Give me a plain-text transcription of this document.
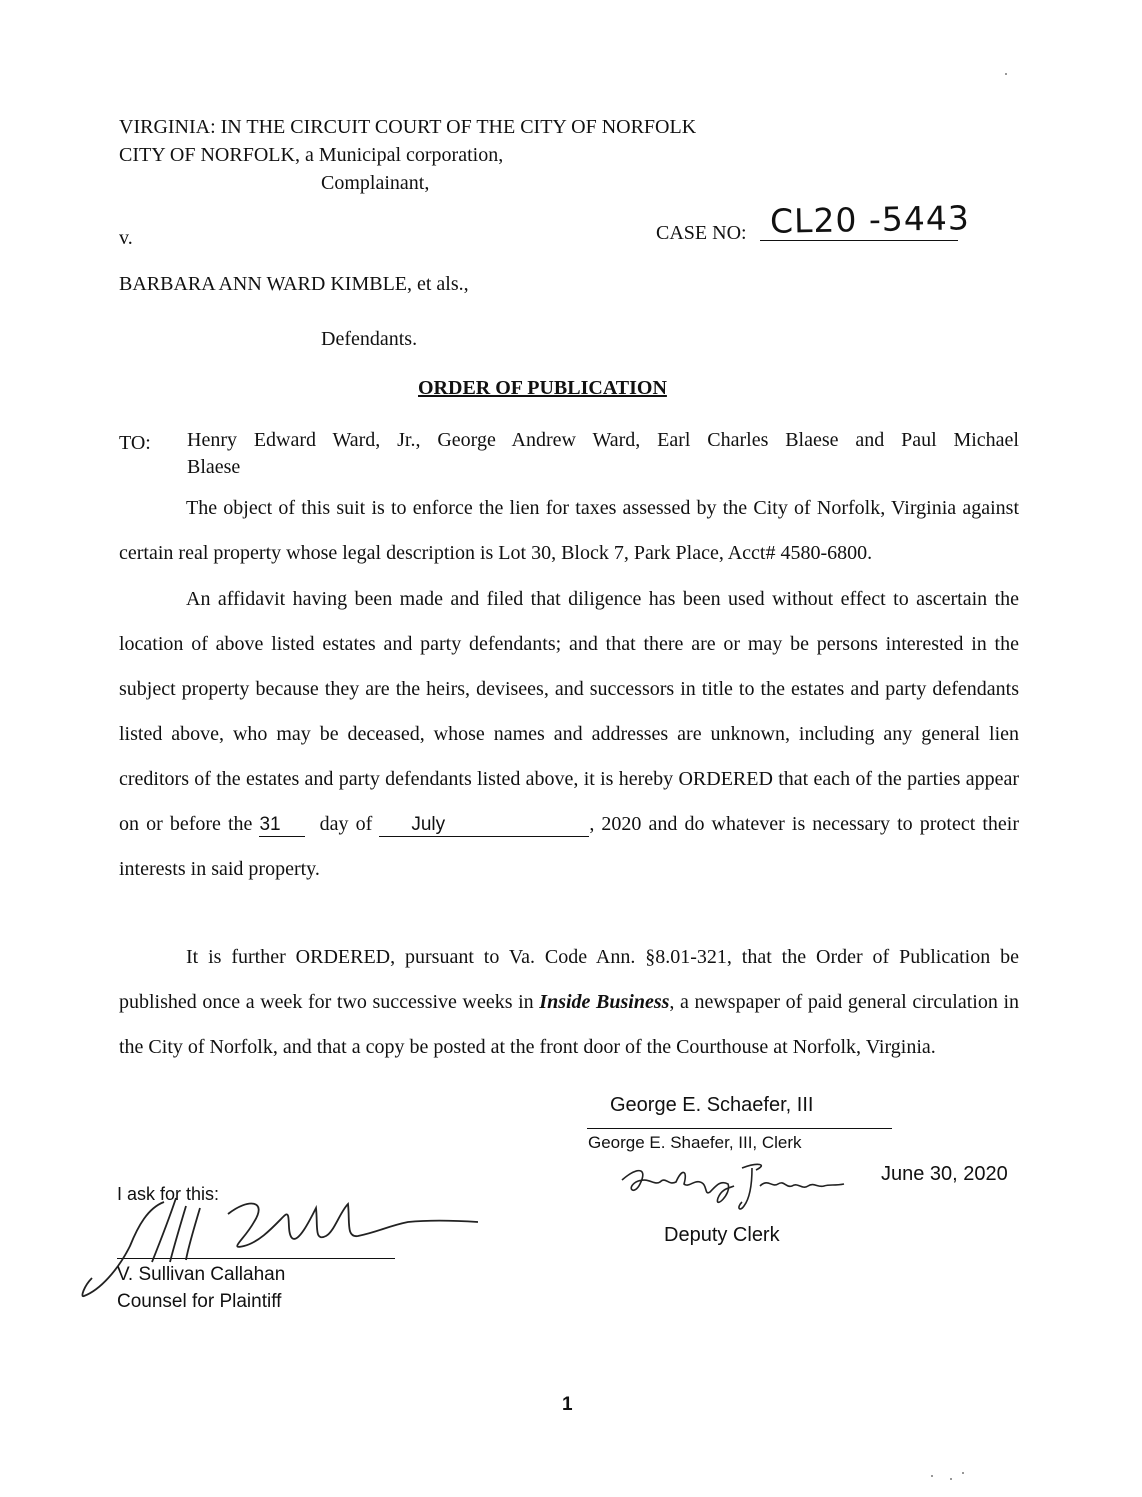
VIRGINIA: IN THE CIRCUIT COURT OF THE CITY OF NORFOLK
CITY OF NORFOLK, a Municipal corporation,
Complainant,
v.	CASE NO: CL20 -5443
BARBARA ANN WARD KIMBLE, et als.,
Defendants.
ORDER OF PUBLICATION
TO: Henry Edward Ward, Jr., George Andrew Ward, Earl Charles Blaese and Paul Michael
Blaese
The object of this suit is to enforce the lien for taxes assessed by the City of Norfolk, Virginia against certain real property whose legal description is Lot 30, Block 7, Park Place, Acct# 4580-6800.
An affidavit having been made and filed that diligence has been used without effect to ascertain the location of above listed estates and party defendants; and that there are or may be persons interested in the subject property because they are the heirs, devisees, and successors in title to the estates and party defendants listed above, who may be deceased, whose names and addresses are unknown, including any general lien creditors of the estates and party defendants listed above, it is hereby ORDERED that each of the parties appear on or before the 31 day of July	, 2020 and do whatever is necessary to protect their interests in said property.
It is further ORDERED, pursuant to Va. Code Ann. §8.01-321, that the Order of Publication be published once a week for two successive weeks in Inside Business, a newspaper of paid general circulation in the City of Norfolk, and that a copy be posted at the front door of the Courthouse at Norfolk, Virginia.
George E. Schaefer, III
George E. Shaefer, III, Clerk
June 30, 2020
Deputy Clerk
I ask for this:
V. Sullivan Callahan
Counsel for Plaintiff
1
